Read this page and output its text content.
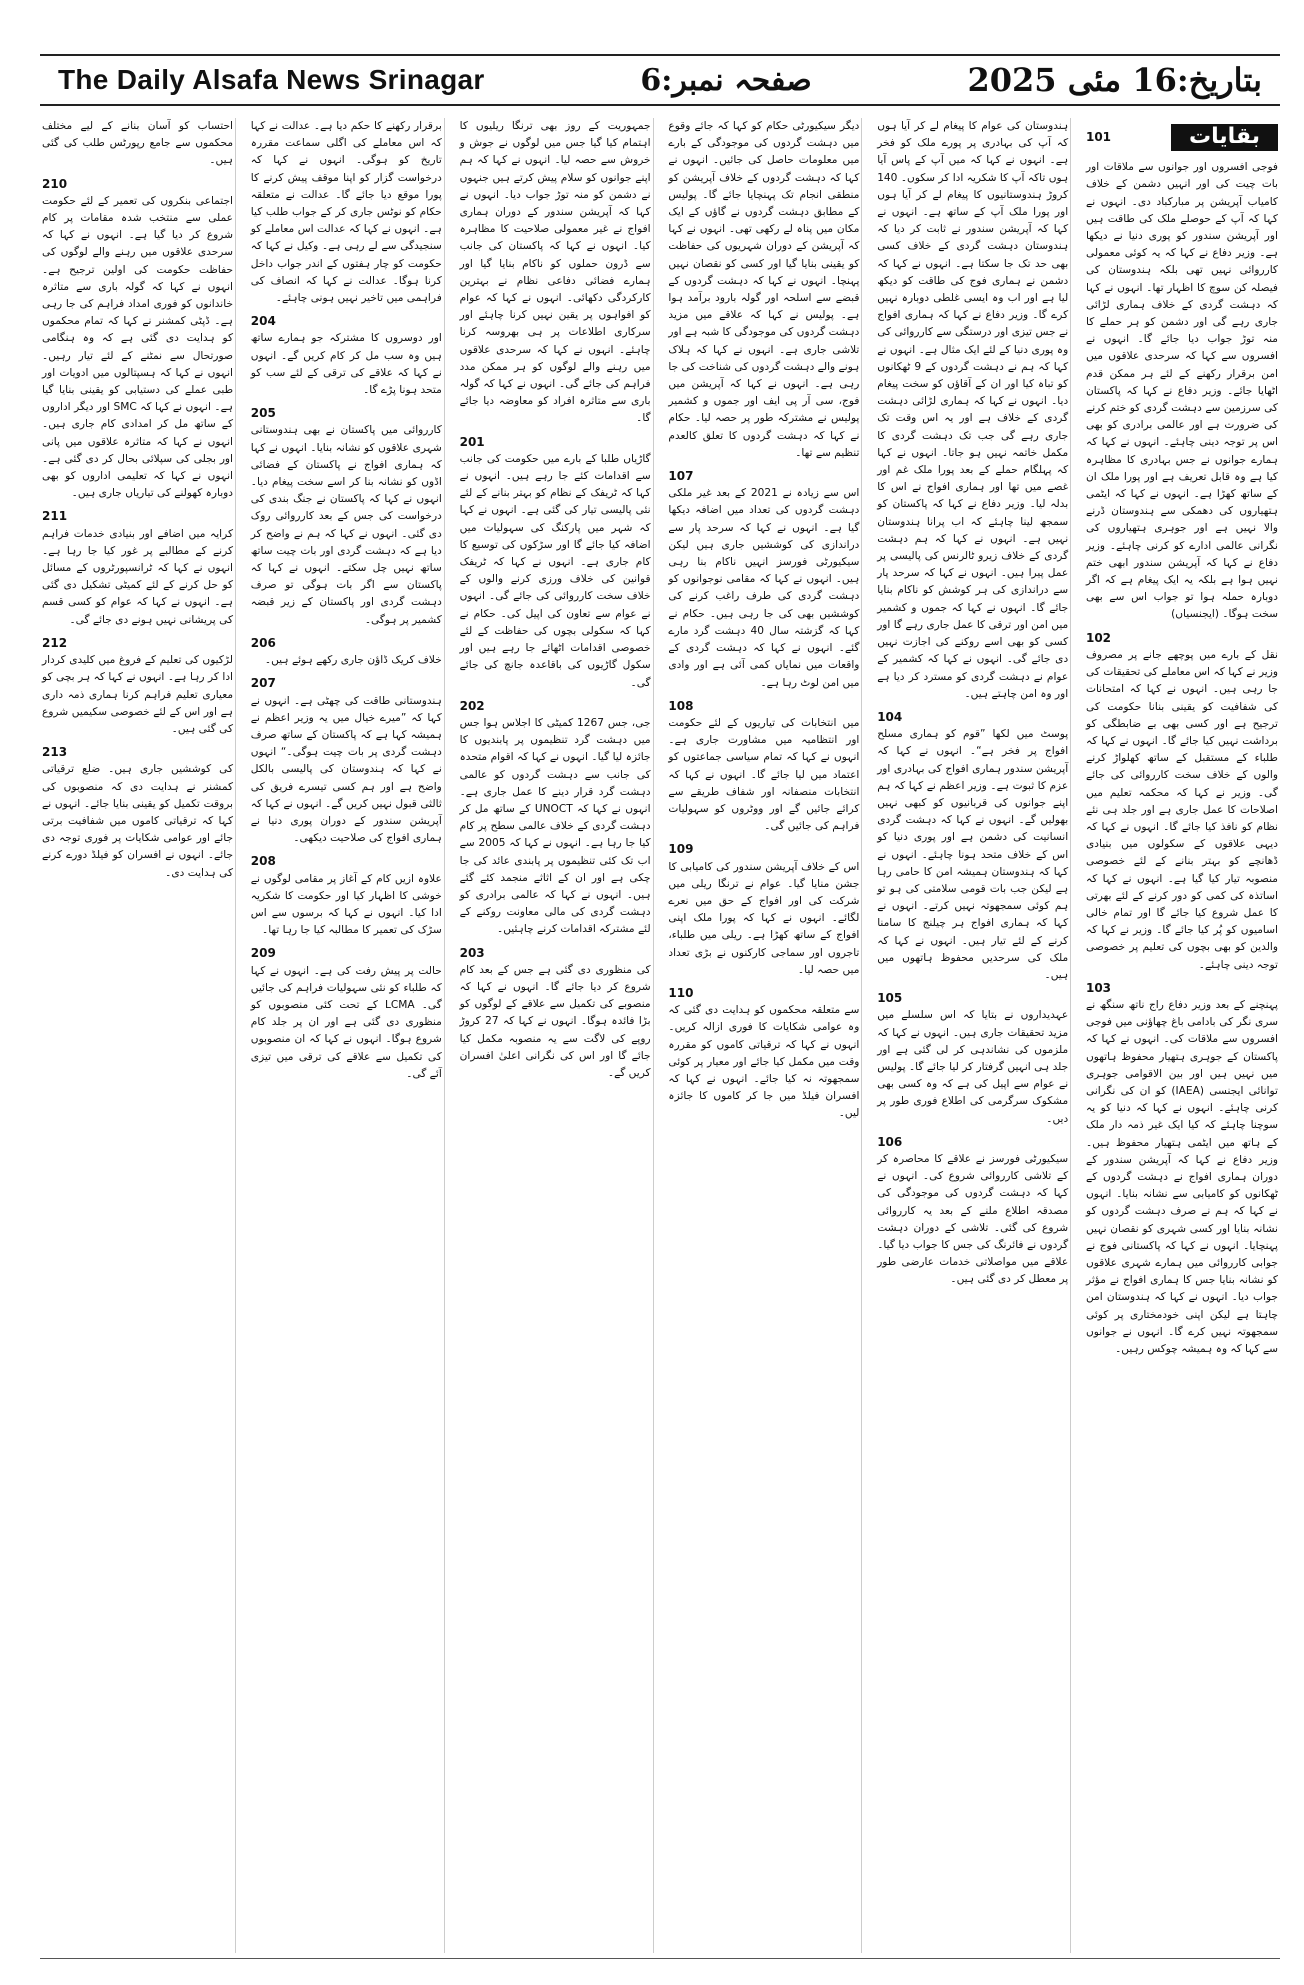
The Daily Alsafa News Srinagar	صفحہ نمبر:6	بتاریخ:16 مئی 2025
بقایات
101

فوجی افسروں اور جوانوں سے ملاقات اور بات چیت کی اور انہیں دشمن کے خلاف کامیاب آپریشن پر مبارکباد دی۔ انہوں نے کہا کہ آپ کے حوصلے ملک کی طاقت ہیں اور آپریشن سندور کو پوری دنیا نے دیکھا ہے۔ وزیر دفاع نے کہا کہ یہ کوئی معمولی کارروائی نہیں تھی بلکہ ہندوستان کی فیصلہ کن سوچ کا اظہار تھا۔ انہوں نے کہا کہ دہشت گردی کے خلاف ہماری لڑائی جاری رہے گی اور دشمن کو ہر حملے کا منہ توڑ جواب دیا جائے گا۔ انہوں نے افسروں سے کہا کہ سرحدی علاقوں میں امن برقرار رکھنے کے لئے ہر ممکن قدم اٹھایا جائے۔ وزیر دفاع نے کہا کہ پاکستان کی سرزمین سے دہشت گردی کو ختم کرنے کی ضرورت ہے اور عالمی برادری کو بھی اس پر توجہ دینی چاہئے۔ انہوں نے کہا کہ ہمارے جوانوں نے جس بہادری کا مظاہرہ کیا ہے وہ قابل تعریف ہے اور پورا ملک ان کے ساتھ کھڑا ہے۔ انہوں نے کہا کہ ایٹمی ہتھیاروں کی دھمکی سے ہندوستان ڈرنے والا نہیں ہے اور جوہری ہتھیاروں کی نگرانی عالمی ادارے کو کرنی چاہئے۔ وزیر دفاع نے کہا کہ آپریشن سندور ابھی ختم نہیں ہوا ہے بلکہ یہ ایک پیغام ہے کہ اگر دوبارہ حملہ ہوا تو جواب اس سے بھی سخت ہوگا۔ (ایجنسیاں)

102

نقل کے بارے میں پوچھے جانے پر مصروف وزیر نے کہا کہ اس معاملے کی تحقیقات کی جا رہی ہیں۔ انہوں نے کہا کہ امتحانات کی شفافیت کو یقینی بنانا حکومت کی ترجیح ہے اور کسی بھی بے ضابطگی کو برداشت نہیں کیا جائے گا۔ انہوں نے کہا کہ طلباء کے مستقبل کے ساتھ کھلواڑ کرنے والوں کے خلاف سخت کارروائی کی جائے گی۔ وزیر نے کہا کہ محکمہ تعلیم میں اصلاحات کا عمل جاری ہے اور جلد ہی نئے نظام کو نافذ کیا جائے گا۔ انہوں نے کہا کہ دیہی علاقوں کے سکولوں میں بنیادی ڈھانچے کو بہتر بنانے کے لئے خصوصی منصوبہ تیار کیا گیا ہے۔ انہوں نے کہا کہ اساتذہ کی کمی کو دور کرنے کے لئے بھرتی کا عمل شروع کیا جائے گا اور تمام خالی اسامیوں کو پُر کیا جائے گا۔ وزیر نے کہا کہ والدین کو بھی بچوں کی تعلیم پر خصوصی توجہ دینی چاہئے۔

103

پہنچنے کے بعد وزیر دفاع راج ناتھ سنگھ نے سری نگر کی بادامی باغ چھاؤنی میں فوجی افسروں سے ملاقات کی۔ انہوں نے کہا کہ پاکستان کے جوہری ہتھیار محفوظ ہاتھوں میں نہیں ہیں اور بین الاقوامی جوہری توانائی ایجنسی (IAEA) کو ان کی نگرانی کرنی چاہئے۔ انہوں نے کہا کہ دنیا کو یہ سوچنا چاہئے کہ کیا ایک غیر ذمہ دار ملک کے ہاتھ میں ایٹمی ہتھیار محفوظ ہیں۔ وزیر دفاع نے کہا کہ آپریشن سندور کے دوران ہماری افواج نے دہشت گردوں کے ٹھکانوں کو کامیابی سے نشانہ بنایا۔ انہوں نے کہا کہ ہم نے صرف دہشت گردوں کو نشانہ بنایا اور کسی شہری کو نقصان نہیں پہنچایا۔ انہوں نے کہا کہ پاکستانی فوج نے جوابی کارروائی میں ہمارے شہری علاقوں کو نشانہ بنایا جس کا ہماری افواج نے مؤثر جواب دیا۔ انہوں نے کہا کہ ہندوستان امن چاہتا ہے لیکن اپنی خودمختاری پر کوئی سمجھوتہ نہیں کرے گا۔ انہوں نے جوانوں سے کہا کہ وہ ہمیشہ چوکس رہیں۔

ہندوستان کی عوام کا پیغام لے کر آیا ہوں کہ آپ کی بہادری پر پورے ملک کو فخر ہے۔ انہوں نے کہا کہ میں آپ کے پاس آیا ہوں تاکہ آپ کا شکریہ ادا کر سکوں۔ 140 کروڑ ہندوستانیوں کا پیغام لے کر آیا ہوں اور پورا ملک آپ کے ساتھ ہے۔ انہوں نے کہا کہ آپریشن سندور نے ثابت کر دیا کہ ہندوستان دہشت گردی کے خلاف کسی بھی حد تک جا سکتا ہے۔ انہوں نے کہا کہ دشمن نے ہماری فوج کی طاقت کو دیکھ لیا ہے اور اب وہ ایسی غلطی دوبارہ نہیں کرے گا۔ وزیر دفاع نے کہا کہ ہماری افواج نے جس تیزی اور درستگی سے کارروائی کی وہ پوری دنیا کے لئے ایک مثال ہے۔ انہوں نے کہا کہ ہم نے دہشت گردوں کے 9 ٹھکانوں کو تباہ کیا اور ان کے آقاؤں کو سخت پیغام دیا۔ انہوں نے کہا کہ ہماری لڑائی دہشت گردی کے خلاف ہے اور یہ اس وقت تک جاری رہے گی جب تک دہشت گردی کا مکمل خاتمہ نہیں ہو جاتا۔ انہوں نے کہا کہ پہلگام حملے کے بعد پورا ملک غم اور غصے میں تھا اور ہماری افواج نے اس کا بدلہ لیا۔ وزیر دفاع نے کہا کہ پاکستان کو سمجھ لینا چاہئے کہ اب پرانا ہندوستان نہیں ہے۔ انہوں نے کہا کہ ہم دہشت گردی کے خلاف زیرو ٹالرنس کی پالیسی پر عمل پیرا ہیں۔ انہوں نے کہا کہ سرحد پار سے دراندازی کی ہر کوشش کو ناکام بنایا جائے گا۔ انہوں نے کہا کہ جموں و کشمیر میں امن اور ترقی کا عمل جاری رہے گا اور کسی کو بھی اسے روکنے کی اجازت نہیں دی جائے گی۔ انہوں نے کہا کہ کشمیر کے عوام نے دہشت گردی کو مسترد کر دیا ہے اور وہ امن چاہتے ہیں۔

104

پوسٹ میں لکھا ”قوم کو ہماری مسلح افواج پر فخر ہے“۔ انہوں نے کہا کہ آپریشن سندور ہماری افواج کی بہادری اور عزم کا ثبوت ہے۔ وزیر اعظم نے کہا کہ ہم اپنے جوانوں کی قربانیوں کو کبھی نہیں بھولیں گے۔ انہوں نے کہا کہ دہشت گردی انسانیت کی دشمن ہے اور پوری دنیا کو اس کے خلاف متحد ہونا چاہئے۔ انہوں نے کہا کہ ہندوستان ہمیشہ امن کا حامی رہا ہے لیکن جب بات قومی سلامتی کی ہو تو ہم کوئی سمجھوتہ نہیں کرتے۔ انہوں نے کہا کہ ہماری افواج ہر چیلنج کا سامنا کرنے کے لئے تیار ہیں۔ انہوں نے کہا کہ ملک کی سرحدیں محفوظ ہاتھوں میں ہیں۔

105

عہدیداروں نے بتایا کہ اس سلسلے میں مزید تحقیقات جاری ہیں۔ انہوں نے کہا کہ ملزموں کی نشاندہی کر لی گئی ہے اور جلد ہی انہیں گرفتار کر لیا جائے گا۔ پولیس نے عوام سے اپیل کی ہے کہ وہ کسی بھی مشکوک سرگرمی کی اطلاع فوری طور پر دیں۔

106

سیکیورٹی فورسز نے علاقے کا محاصرہ کر کے تلاشی کارروائی شروع کی۔ انہوں نے کہا کہ دہشت گردوں کی موجودگی کی مصدقہ اطلاع ملنے کے بعد یہ کارروائی شروع کی گئی۔ تلاشی کے دوران دہشت گردوں نے فائرنگ کی جس کا جواب دیا گیا۔ علاقے میں مواصلاتی خدمات عارضی طور پر معطل کر دی گئی ہیں۔

دیگر سیکیورٹی حکام کو کہا کہ جائے وقوع میں دہشت گردوں کی موجودگی کے بارے میں معلومات حاصل کی جائیں۔ انہوں نے کہا کہ دہشت گردوں کے خلاف آپریشن کو منطقی انجام تک پہنچایا جائے گا۔ پولیس کے مطابق دہشت گردوں نے گاؤں کے ایک مکان میں پناہ لے رکھی تھی۔ انہوں نے کہا کہ آپریشن کے دوران شہریوں کی حفاظت کو یقینی بنایا گیا اور کسی کو نقصان نہیں پہنچا۔ انہوں نے کہا کہ دہشت گردوں کے قبضے سے اسلحہ اور گولہ بارود برآمد ہوا ہے۔ پولیس نے کہا کہ علاقے میں مزید دہشت گردوں کی موجودگی کا شبہ ہے اور تلاشی جاری ہے۔ انہوں نے کہا کہ ہلاک ہونے والے دہشت گردوں کی شناخت کی جا رہی ہے۔ انہوں نے کہا کہ آپریشن میں فوج، سی آر پی ایف اور جموں و کشمیر پولیس نے مشترکہ طور پر حصہ لیا۔ حکام نے کہا کہ دہشت گردوں کا تعلق کالعدم تنظیم سے تھا۔

107

اس سے زیادہ نے 2021 کے بعد غیر ملکی دہشت گردوں کی تعداد میں اضافہ دیکھا گیا ہے۔ انہوں نے کہا کہ سرحد پار سے دراندازی کی کوششیں جاری ہیں لیکن سیکیورٹی فورسز انہیں ناکام بنا رہی ہیں۔ انہوں نے کہا کہ مقامی نوجوانوں کو دہشت گردی کی طرف راغب کرنے کی کوششیں بھی کی جا رہی ہیں۔ حکام نے کہا کہ گزشتہ سال 40 دہشت گرد مارے گئے۔ انہوں نے کہا کہ دہشت گردی کے واقعات میں نمایاں کمی آئی ہے اور وادی میں امن لوٹ رہا ہے۔

108

میں انتخابات کی تیاریوں کے لئے حکومت اور انتظامیہ میں مشاورت جاری ہے۔ انہوں نے کہا کہ تمام سیاسی جماعتوں کو اعتماد میں لیا جائے گا۔ انہوں نے کہا کہ انتخابات منصفانہ اور شفاف طریقے سے کرائے جائیں گے اور ووٹروں کو سہولیات فراہم کی جائیں گی۔

109

اس کے خلاف آپریشن سندور کی کامیابی کا جشن منایا گیا۔ عوام نے ترنگا ریلی میں شرکت کی اور افواج کے حق میں نعرے لگائے۔ انہوں نے کہا کہ پورا ملک اپنی افواج کے ساتھ کھڑا ہے۔ ریلی میں طلباء، تاجروں اور سماجی کارکنوں نے بڑی تعداد میں حصہ لیا۔

110

سے متعلقہ محکموں کو ہدایت دی گئی کہ وہ عوامی شکایات کا فوری ازالہ کریں۔ انہوں نے کہا کہ ترقیاتی کاموں کو مقررہ وقت میں مکمل کیا جائے اور معیار پر کوئی سمجھوتہ نہ کیا جائے۔ انہوں نے کہا کہ افسران فیلڈ میں جا کر کاموں کا جائزہ لیں۔

جمہوریت کے روز بھی ترنگا ریلیوں کا اہتمام کیا گیا جس میں لوگوں نے جوش و خروش سے حصہ لیا۔ انہوں نے کہا کہ ہم اپنے جوانوں کو سلام پیش کرتے ہیں جنہوں نے دشمن کو منہ توڑ جواب دیا۔ انہوں نے کہا کہ آپریشن سندور کے دوران ہماری افواج نے غیر معمولی صلاحیت کا مظاہرہ کیا۔ انہوں نے کہا کہ پاکستان کی جانب سے ڈرون حملوں کو ناکام بنایا گیا اور ہمارے فضائی دفاعی نظام نے بہترین کارکردگی دکھائی۔ انہوں نے کہا کہ عوام کو افواہوں پر یقین نہیں کرنا چاہئے اور سرکاری اطلاعات پر ہی بھروسہ کرنا چاہئے۔ انہوں نے کہا کہ سرحدی علاقوں میں رہنے والے لوگوں کو ہر ممکن مدد فراہم کی جائے گی۔ انہوں نے کہا کہ گولہ باری سے متاثرہ افراد کو معاوضہ دیا جائے گا۔

201

گاڑیاں طلبا کے بارے میں حکومت کی جانب سے اقدامات کئے جا رہے ہیں۔ انہوں نے کہا کہ ٹریفک کے نظام کو بہتر بنانے کے لئے نئی پالیسی تیار کی گئی ہے۔ انہوں نے کہا کہ شہر میں پارکنگ کی سہولیات میں اضافہ کیا جائے گا اور سڑکوں کی توسیع کا کام جاری ہے۔ انہوں نے کہا کہ ٹریفک قوانین کی خلاف ورزی کرنے والوں کے خلاف سخت کارروائی کی جائے گی۔ انہوں نے عوام سے تعاون کی اپیل کی۔ حکام نے کہا کہ سکولی بچوں کی حفاظت کے لئے خصوصی اقدامات اٹھائے جا رہے ہیں اور سکول گاڑیوں کی باقاعدہ جانچ کی جائے گی۔

202

جی، جس 1267 کمیٹی کا اجلاس ہوا جس میں دہشت گرد تنظیموں پر پابندیوں کا جائزہ لیا گیا۔ انہوں نے کہا کہ اقوام متحدہ کی جانب سے دہشت گردوں کو عالمی دہشت گرد قرار دینے کا عمل جاری ہے۔ انہوں نے کہا کہ UNOCT کے ساتھ مل کر دہشت گردی کے خلاف عالمی سطح پر کام کیا جا رہا ہے۔ انہوں نے کہا کہ 2005 سے اب تک کئی تنظیموں پر پابندی عائد کی جا چکی ہے اور ان کے اثاثے منجمد کئے گئے ہیں۔ انہوں نے کہا کہ عالمی برادری کو دہشت گردی کی مالی معاونت روکنے کے لئے مشترکہ اقدامات کرنے چاہئیں۔

203

کی منظوری دی گئی ہے جس کے بعد کام شروع کر دیا جائے گا۔ انہوں نے کہا کہ منصوبے کی تکمیل سے علاقے کے لوگوں کو بڑا فائدہ ہوگا۔ انہوں نے کہا کہ 27 کروڑ روپے کی لاگت سے یہ منصوبہ مکمل کیا جائے گا اور اس کی نگرانی اعلیٰ افسران کریں گے۔

برقرار رکھنے کا حکم دیا ہے۔ عدالت نے کہا کہ اس معاملے کی اگلی سماعت مقررہ تاریخ کو ہوگی۔ انہوں نے کہا کہ درخواست گزار کو اپنا موقف پیش کرنے کا پورا موقع دیا جائے گا۔ عدالت نے متعلقہ حکام کو نوٹس جاری کر کے جواب طلب کیا ہے۔ انہوں نے کہا کہ عدالت اس معاملے کو سنجیدگی سے لے رہی ہے۔ وکیل نے کہا کہ حکومت کو چار ہفتوں کے اندر جواب داخل کرنا ہوگا۔ عدالت نے کہا کہ انصاف کی فراہمی میں تاخیر نہیں ہونی چاہئے۔

204

اور دوسروں کا مشترکہ جو ہمارے ساتھ ہیں وہ سب مل کر کام کریں گے۔ انہوں نے کہا کہ علاقے کی ترقی کے لئے سب کو متحد ہونا پڑے گا۔

205

کارروائی میں پاکستان نے بھی ہندوستانی شہری علاقوں کو نشانہ بنایا۔ انہوں نے کہا کہ ہماری افواج نے پاکستان کے فضائی اڈوں کو نشانہ بنا کر اسے سخت پیغام دیا۔ انہوں نے کہا کہ پاکستان نے جنگ بندی کی درخواست کی جس کے بعد کارروائی روک دی گئی۔ انہوں نے کہا کہ ہم نے واضح کر دیا ہے کہ دہشت گردی اور بات چیت ساتھ ساتھ نہیں چل سکتے۔ انہوں نے کہا کہ پاکستان سے اگر بات ہوگی تو صرف دہشت گردی اور پاکستان کے زیر قبضہ کشمیر پر ہوگی۔

206

خلاف کریک ڈاؤن جاری رکھے ہوئے ہیں۔

207

ہندوستانی طاقت کی چھٹی ہے۔ انہوں نے کہا کہ ”میرے خیال میں یہ وزیر اعظم نے ہمیشہ کہا ہے کہ پاکستان کے ساتھ صرف دہشت گردی پر بات چیت ہوگی۔“ انہوں نے کہا کہ ہندوستان کی پالیسی بالکل واضح ہے اور ہم کسی تیسرے فریق کی ثالثی قبول نہیں کریں گے۔ انہوں نے کہا کہ آپریشن سندور کے دوران پوری دنیا نے ہماری افواج کی صلاحیت دیکھی۔

208

علاوہ ازیں کام کے آغاز پر مقامی لوگوں نے خوشی کا اظہار کیا اور حکومت کا شکریہ ادا کیا۔ انہوں نے کہا کہ برسوں سے اس سڑک کی تعمیر کا مطالبہ کیا جا رہا تھا۔

209

حالت پر پیش رفت کی ہے۔ انہوں نے کہا کہ طلباء کو نئی سہولیات فراہم کی جائیں گی۔ LCMA کے تحت کئی منصوبوں کو منظوری دی گئی ہے اور ان پر جلد کام شروع ہوگا۔ انہوں نے کہا کہ ان منصوبوں کی تکمیل سے علاقے کی ترقی میں تیزی آئے گی۔

احتساب کو آسان بنانے کے لیے مختلف محکموں سے جامع رپورٹس طلب کی گئی ہیں۔

210

اجتماعی بنکروں کی تعمیر کے لئے حکومت عملی سے منتخب شدہ مقامات پر کام شروع کر دیا گیا ہے۔ انہوں نے کہا کہ سرحدی علاقوں میں رہنے والے لوگوں کی حفاظت حکومت کی اولین ترجیح ہے۔ انہوں نے کہا کہ گولہ باری سے متاثرہ خاندانوں کو فوری امداد فراہم کی جا رہی ہے۔ ڈپٹی کمشنر نے کہا کہ تمام محکموں کو ہدایت دی گئی ہے کہ وہ ہنگامی صورتحال سے نمٹنے کے لئے تیار رہیں۔ انہوں نے کہا کہ ہسپتالوں میں ادویات اور طبی عملے کی دستیابی کو یقینی بنایا گیا ہے۔ انہوں نے کہا کہ SMC اور دیگر اداروں کے ساتھ مل کر امدادی کام جاری ہیں۔ انہوں نے کہا کہ متاثرہ علاقوں میں پانی اور بجلی کی سپلائی بحال کر دی گئی ہے۔ انہوں نے کہا کہ تعلیمی اداروں کو بھی دوبارہ کھولنے کی تیاریاں جاری ہیں۔

211

کرایہ میں اضافے اور بنیادی خدمات فراہم کرنے کے مطالبے پر غور کیا جا رہا ہے۔ انہوں نے کہا کہ ٹرانسپورٹروں کے مسائل کو حل کرنے کے لئے کمیٹی تشکیل دی گئی ہے۔ انہوں نے کہا کہ عوام کو کسی قسم کی پریشانی نہیں ہونے دی جائے گی۔

212

لڑکیوں کی تعلیم کے فروغ میں کلیدی کردار ادا کر رہا ہے۔ انہوں نے کہا کہ ہر بچی کو معیاری تعلیم فراہم کرنا ہماری ذمہ داری ہے اور اس کے لئے خصوصی سکیمیں شروع کی گئی ہیں۔

213

کی کوششیں جاری ہیں۔ ضلع ترقیاتی کمشنر نے ہدایت دی کہ منصوبوں کی بروقت تکمیل کو یقینی بنایا جائے۔ انہوں نے کہا کہ ترقیاتی کاموں میں شفافیت برتی جائے اور عوامی شکایات پر فوری توجہ دی جائے۔ انہوں نے افسران کو فیلڈ دورے کرنے کی ہدایت دی۔
